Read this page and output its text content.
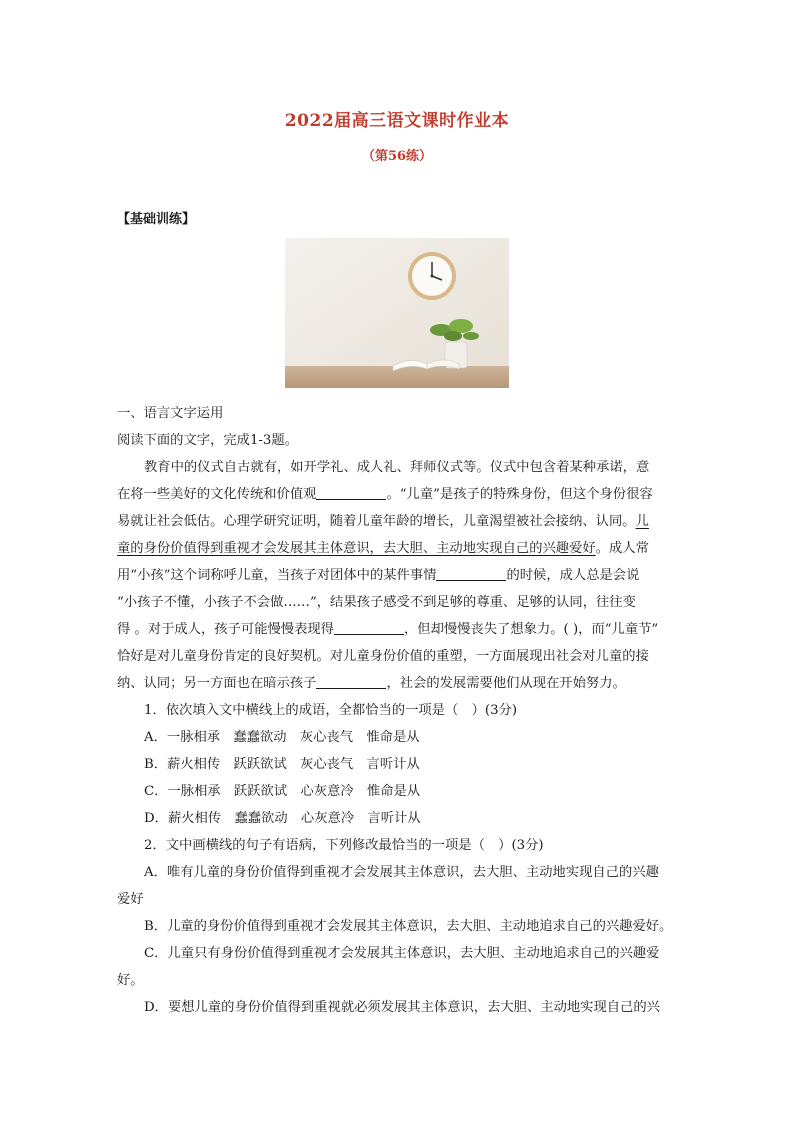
2022届高三语文课时作业本
（第56练）
【基础训练】
一、语言文字运用
阅读下面的文字，完成1-3题。
教育中的仪式自古就有，如开学礼、成人礼、拜师仪式等。仪式中包含着某种承诺，意
在将一些美好的文化传统和价值观	。“儿童”是孩子的特殊身份，但这个身份很容
易就让社会低估。心理学研究证明，随着儿童年龄的增长，儿童渴望被社会接纳、认同。儿
童的身份价值得到重视才会发展其主体意识，去大胆、主动地实现自己的兴趣爱好。成人常
用“小孩”这个词称呼儿童，当孩子对团体中的某件事情	的时候，成人总是会说
“小孩子不懂，小孩子不会做……”，结果孩子感受不到足够的尊重、足够的认同，往往变
得 。对于成人，孩子可能慢慢表现得	，但却慢慢丧失了想象力。( )，而“儿童节”
恰好是对儿童身份肯定的良好契机。对儿童身份价值的重塑，一方面展现出社会对儿童的接
纳、认同；另一方面也在暗示孩子	，社会的发展需要他们从现在开始努力。
1．依次填入文中横线上的成语，全都恰当的一项是（　）(3分)
A．一脉相承　蠢蠢欲动　灰心丧气　惟命是从
B．薪火相传　跃跃欲试　灰心丧气　言听计从
C．一脉相承　跃跃欲试　心灰意冷　惟命是从
D．薪火相传　蠢蠢欲动　心灰意冷　言听计从
2．文中画横线的句子有语病，下列修改最恰当的一项是（　）(3分)
A．唯有儿童的身份价值得到重视才会发展其主体意识，去大胆、主动地实现自己的兴趣
爱好
B．儿童的身份价值得到重视才会发展其主体意识，去大胆、主动地追求自己的兴趣爱好。
C．儿童只有身份价值得到重视才会发展其主体意识，去大胆、主动地追求自己的兴趣爱
好。
D．要想儿童的身份价值得到重视就必须发展其主体意识，去大胆、主动地实现自己的兴
